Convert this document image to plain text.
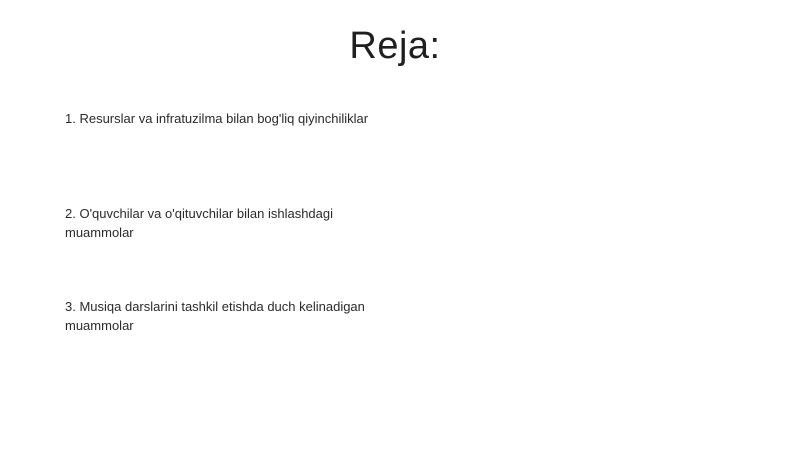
Reja:
1. Resurslar va infratuzilma bilan bog'liq qiyinchiliklar
2. O'quvchilar va o'qituvchilar bilan ishlashdagi muammolar
3. Musiqa darslarini tashkil etishda duch kelinadigan muammolar
